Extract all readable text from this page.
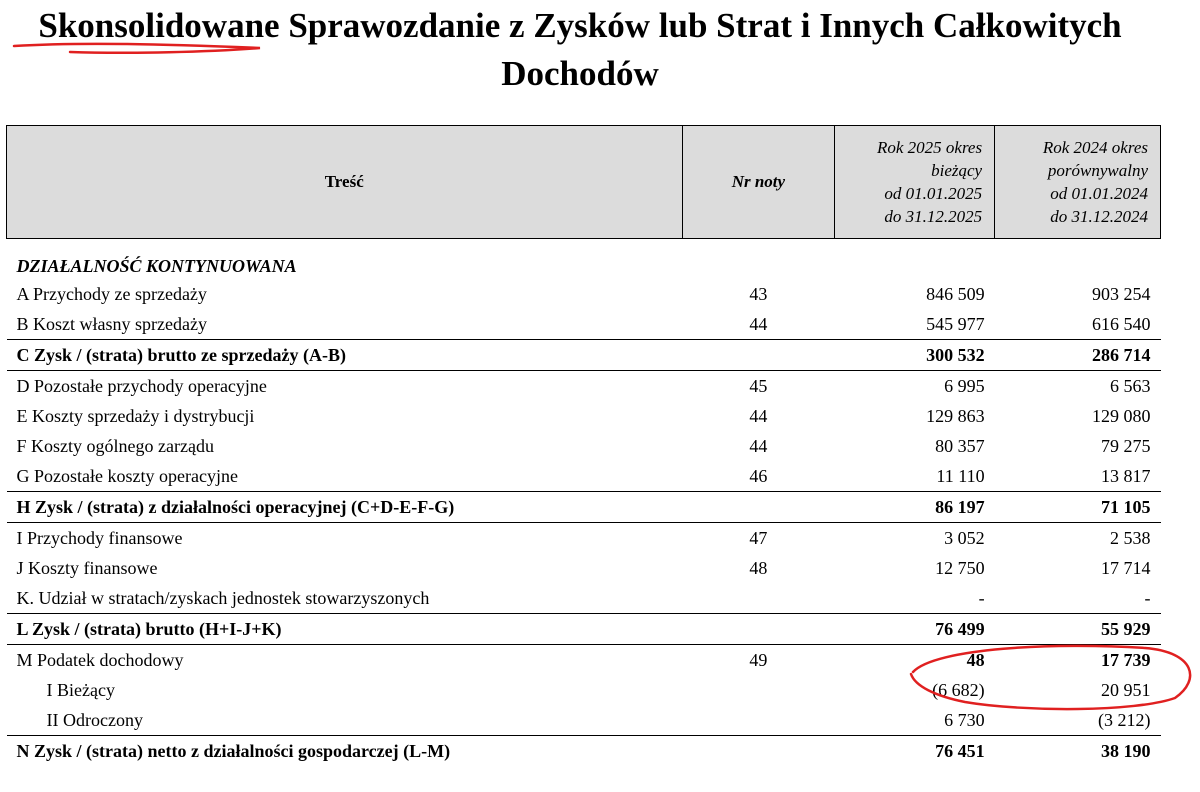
Skonsolidowane Sprawozdanie z Zysków lub Strat i Innych Całkowitych Dochodów
Treść	Nr noty	Rok 2025 okres
bieżący
od 01.01.2025
do 31.12.2025	Rok 2024 okres
porównywalny
od 01.01.2024
do 31.12.2024

DZIAŁALNOŚĆ KONTYNUOWANA			
A Przychody ze sprzedaży	43	846 509	903 254
B Koszt własny sprzedaży	44	545 977	616 540
C Zysk / (strata) brutto ze sprzedaży (A-B)		300 532	286 714
D Pozostałe przychody operacyjne	45	6 995	6 563
E Koszty sprzedaży i dystrybucji	44	129 863	129 080
F Koszty ogólnego zarządu	44	80 357	79 275
G Pozostałe koszty operacyjne	46	11 110	13 817
H Zysk / (strata) z działalności operacyjnej (C+D-E-F-G)		86 197	71 105
I Przychody finansowe	47	3 052	2 538
J Koszty finansowe	48	12 750	17 714
K. Udział w stratach/zyskach jednostek stowarzyszonych		-	-
L Zysk / (strata) brutto (H+I-J+K)		76 499	55 929
M Podatek dochodowy	49	48	17 739
I Bieżący		(6 682)	20 951
II Odroczony		6 730	(3 212)
N Zysk / (strata) netto z działalności gospodarczej (L-M)		76 451	38 190
